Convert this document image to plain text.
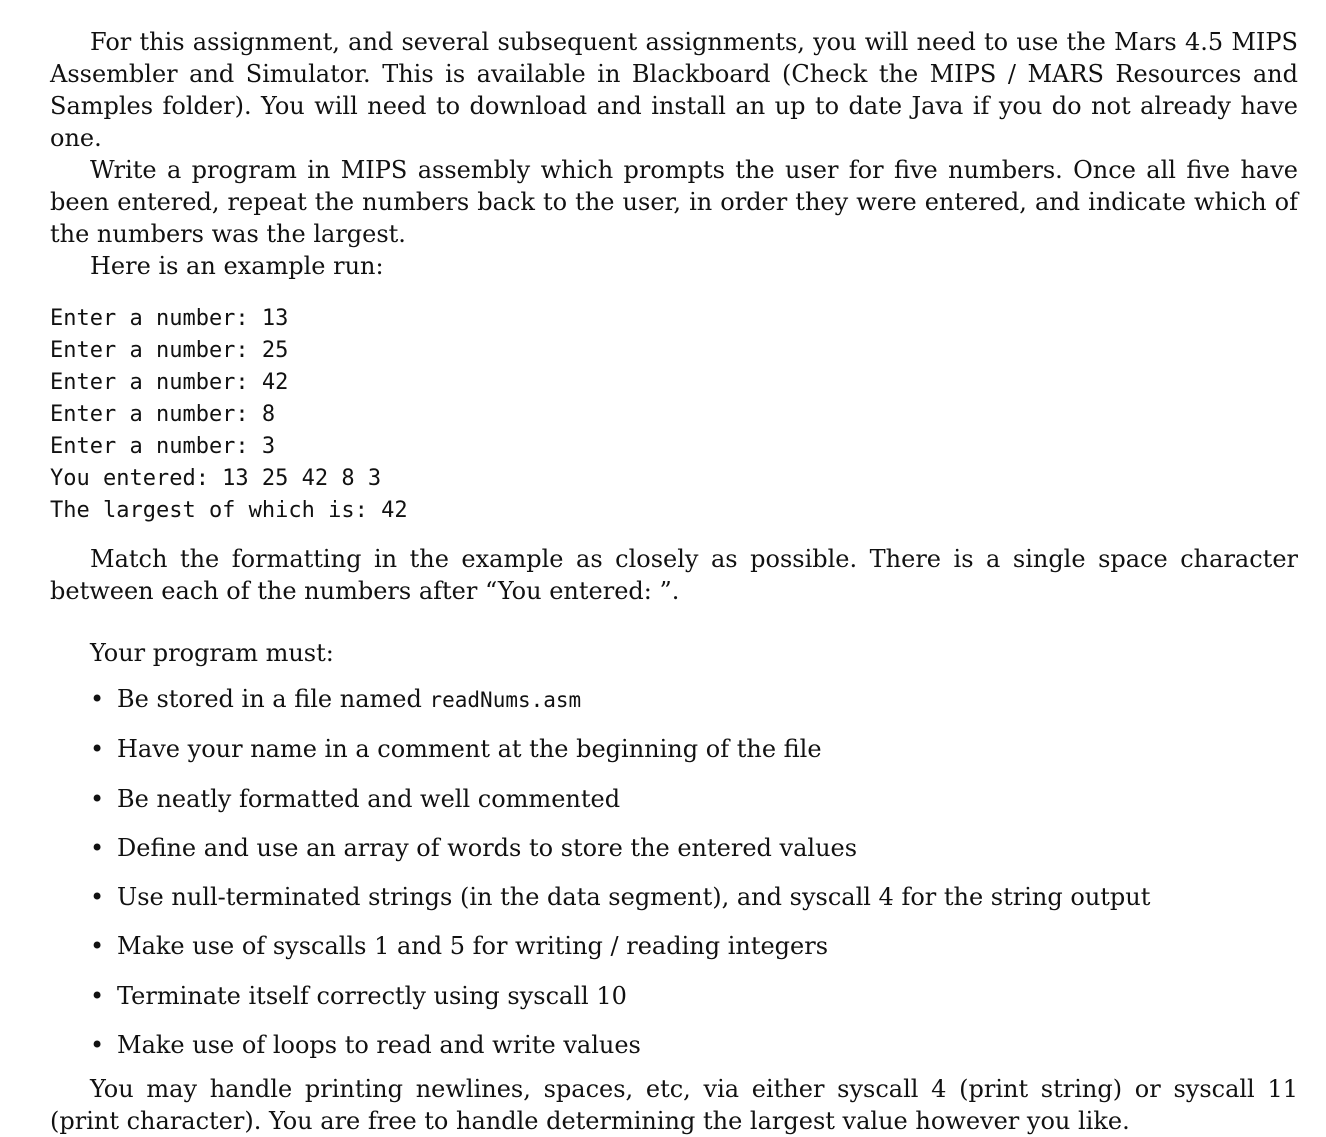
For this assignment, and several subsequent assignments, you will need to use the Mars 4.5 MIPS Assembler and Simulator. This is available in Blackboard (Check the MIPS / MARS Resources and Samples folder). You will need to download and install an up to date Java if you do not already have one.

Write a program in MIPS assembly which prompts the user for five numbers. Once all five have been entered, repeat the numbers back to the user, in order they were entered, and indicate which of the numbers was the largest.

Here is an example run:

Enter a number: 13
Enter a number: 25
Enter a number: 42
Enter a number: 8
Enter a number: 3
You entered: 13 25 42 8 3
The largest of which is: 42

Match the formatting in the example as closely as possible. There is a single space character between each of the numbers after “You entered: ”.

Your program must:

• Be stored in a file named readNums.asm
• Have your name in a comment at the beginning of the file
• Be neatly formatted and well commented
• Define and use an array of words to store the entered values
• Use null-terminated strings (in the data segment), and syscall 4 for the string output
• Make use of syscalls 1 and 5 for writing / reading integers
• Terminate itself correctly using syscall 10
• Make use of loops to read and write values

You may handle printing newlines, spaces, etc, via either syscall 4 (print string) or syscall 11 (print character). You are free to handle determining the largest value however you like.
